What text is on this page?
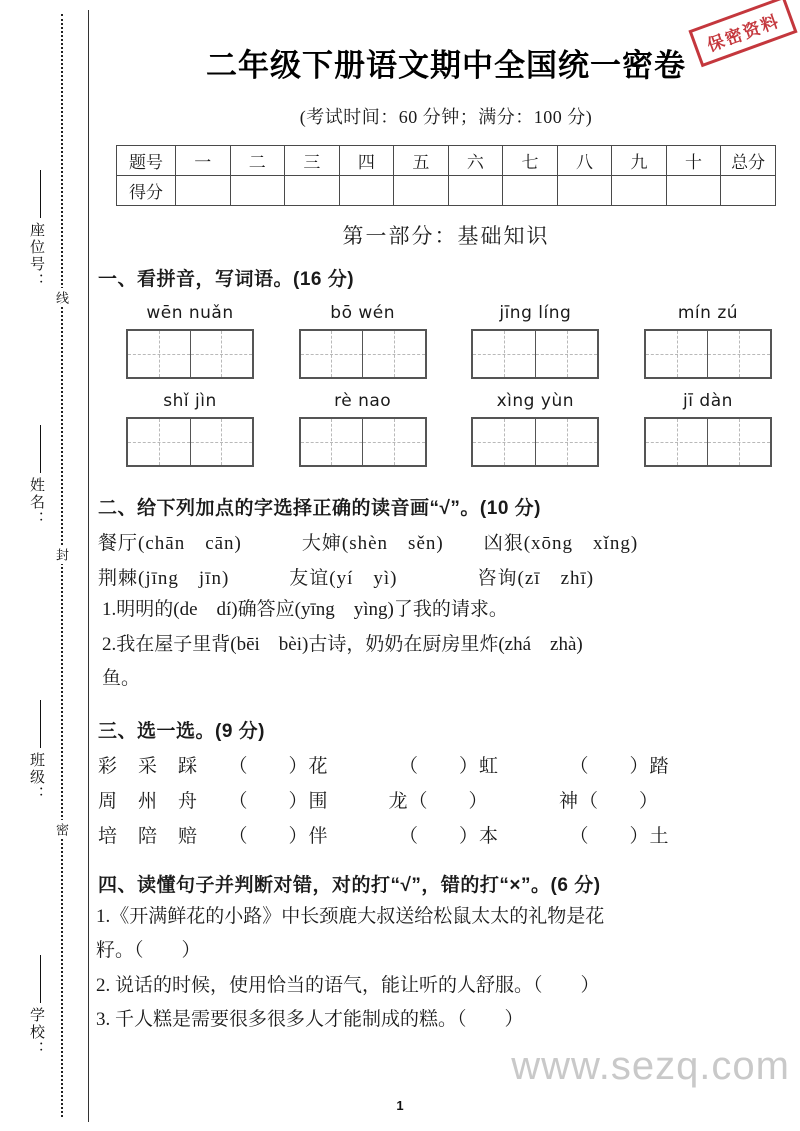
座位号：
姓名：
班级：
学校：
线
封
密
保密资料
二年级下册语文期中全国统一密卷
(考试时间：60 分钟；满分：100 分)
题号	一	二	三	四	五	六	七	八	九	十	总分
得分											
第一部分：基础知识
一、看拼音，写词语。(16 分)
wēn nuǎn	bō wén	jīng líng	mín zú
shǐ jìn	rè nao	xìng yùn	jī dàn
二、给下列加点的字选择正确的读音画“√”。(10 分)
餐厅(chān　cān)　　　	大婶(shèn　sěn)　　 凶狠(xōng　xǐng)
荆棘(jīng　jīn)　　　	友谊(yí　yì)　　　　	咨询(zī　zhī)
1.明明的(de　dí)确答应(yīng　yìng)了我的请求。
2.我在屋子里背(bēi　bèi)古诗，奶奶在厨房里炸(zhá　zhà)
鱼。
三、选一选。(9 分)
彩　采　踩　　（　　）花　　　　（　　）虹　　　　（　　）踏
周　州　舟　　（　　）围　　　龙（　　）　　　　神（　　）
培　陪　赔　　（　　）伴　　　　（　　）本　　　　（　　）土
四、读懂句子并判断对错，对的打“√”，错的打“×”。(6 分)
1.《开满鲜花的小路》中长颈鹿大叔送给松鼠太太的礼物是花
籽。（　　）
2. 说话的时候，使用恰当的语气，能让听的人舒服。（　　）
3. 千人糕是需要很多很多人才能制成的糕。（　　）
www.sezq.com
1
